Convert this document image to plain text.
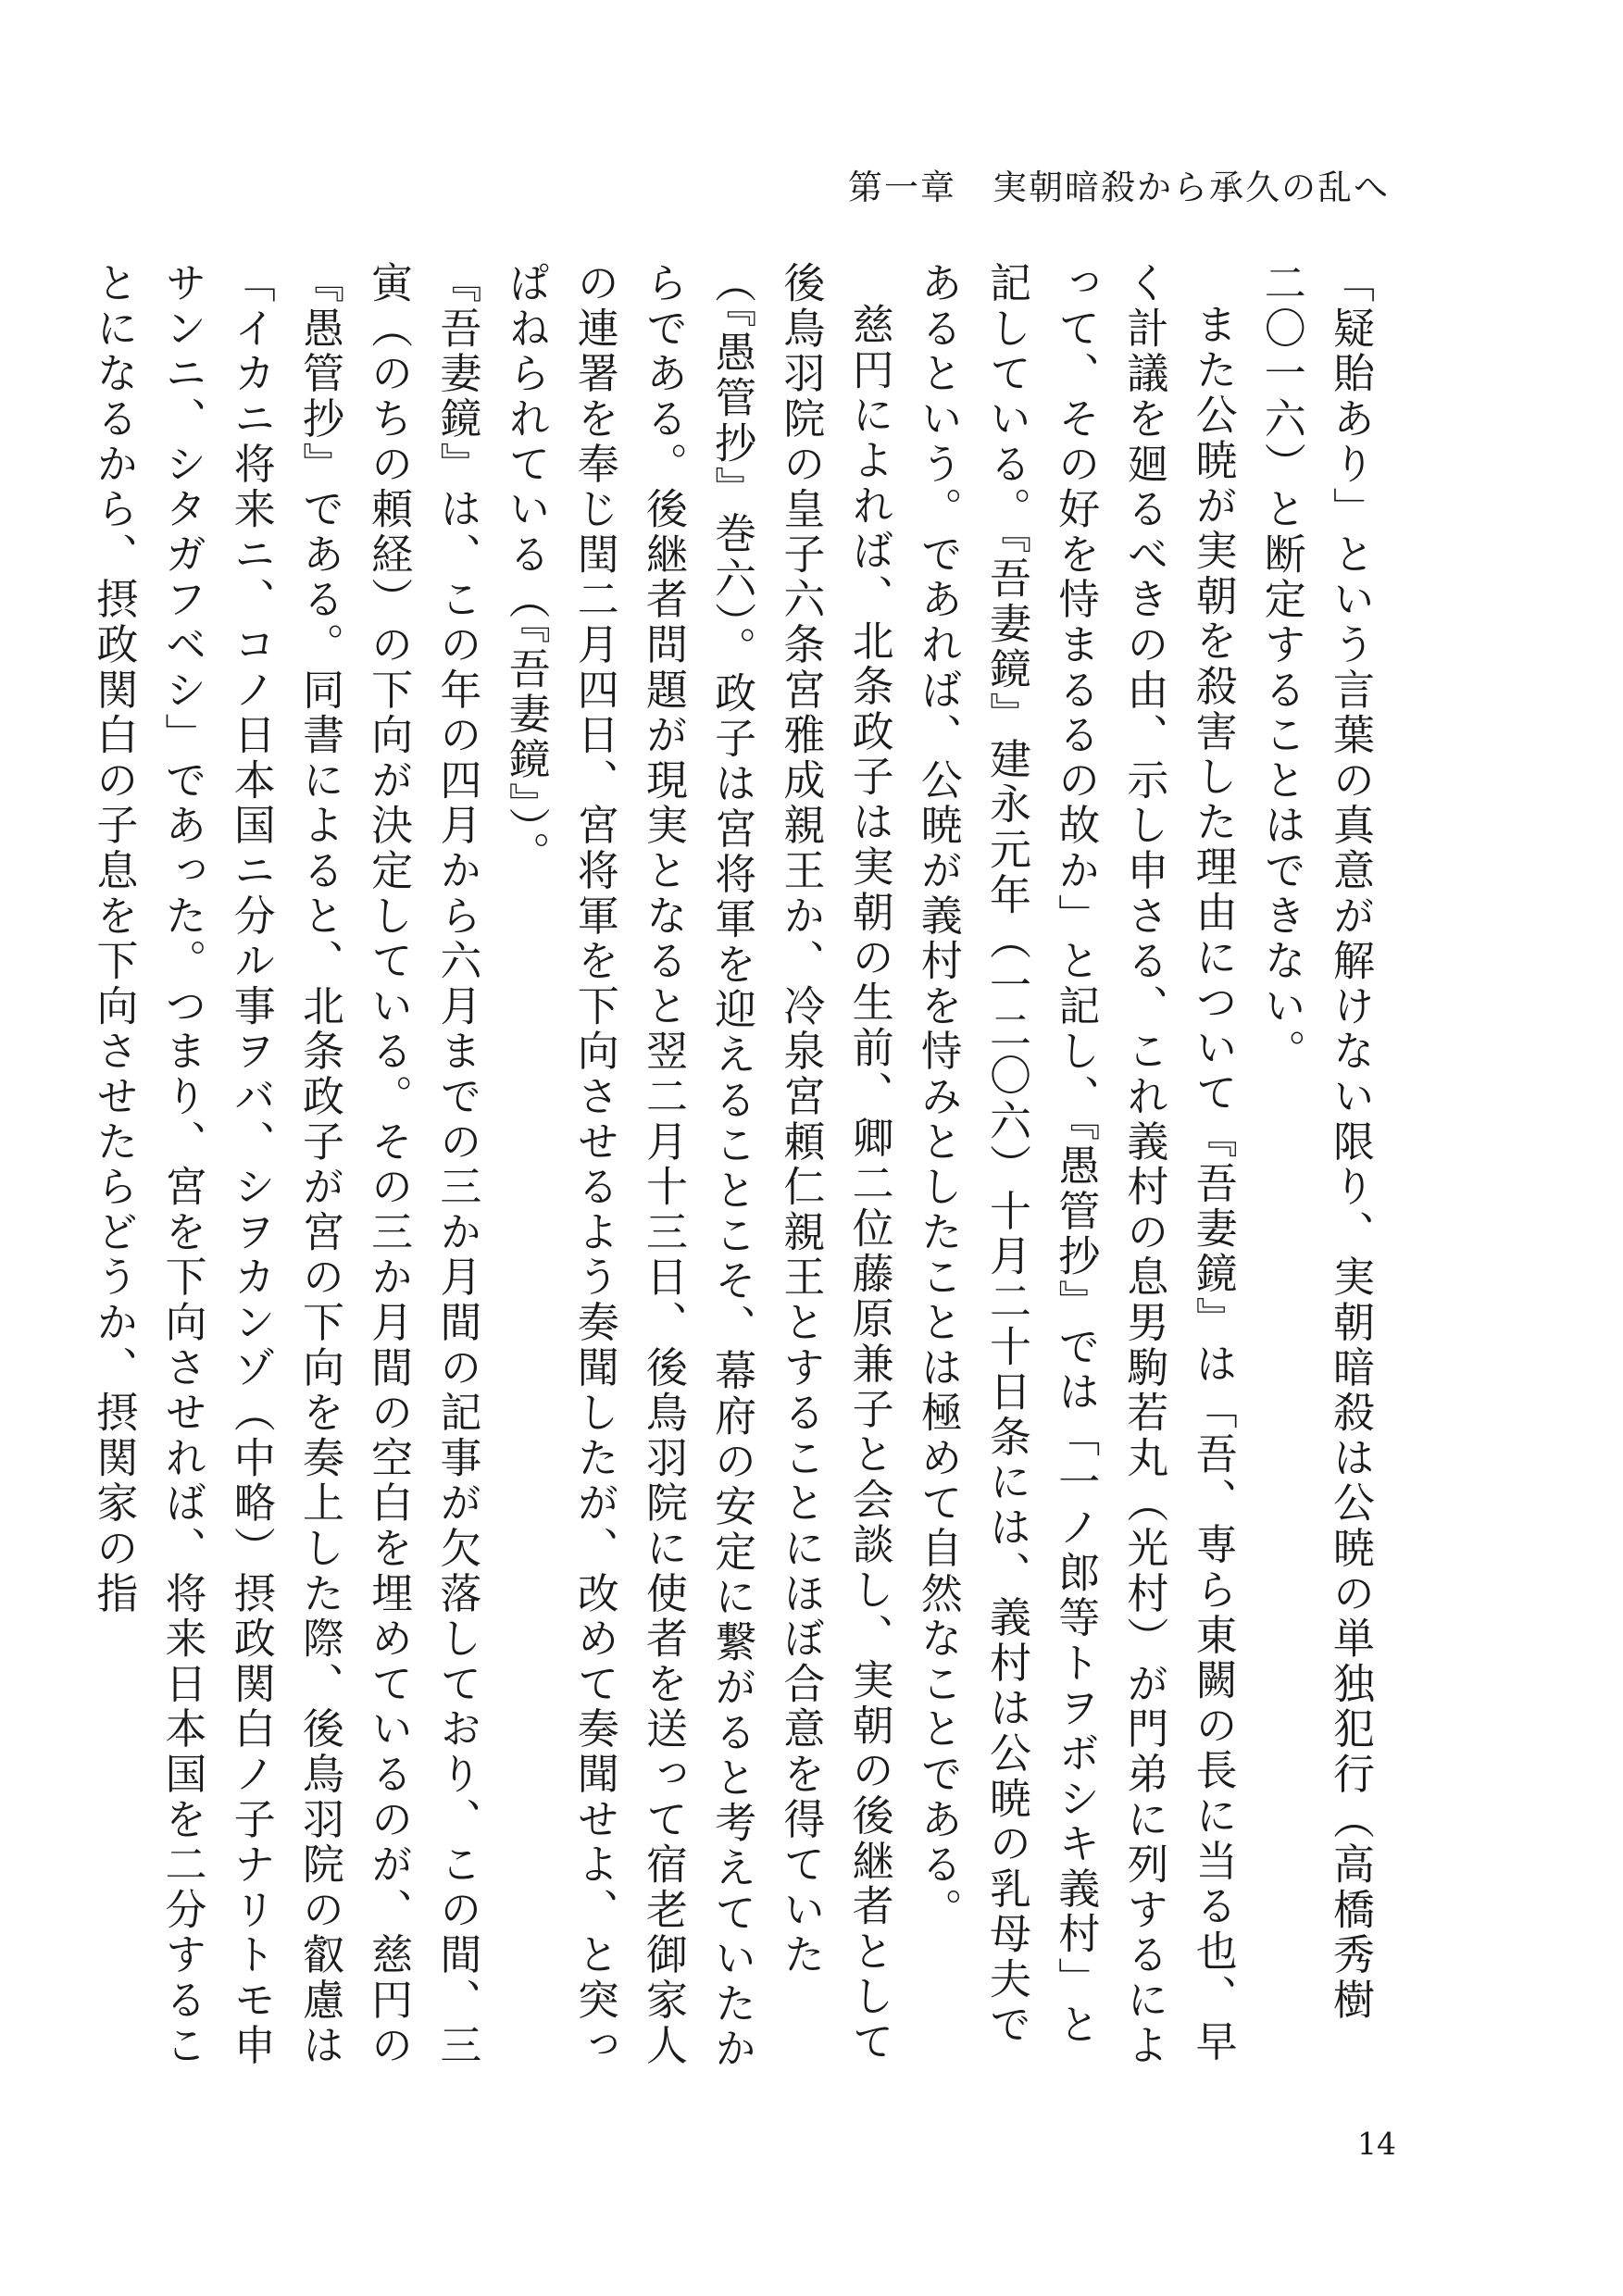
第一章　実朝暗殺から承久の乱へ

「疑貽あり」という言葉の真意が解けない限り、実朝暗殺は公暁の単独犯行（高橋秀樹　二〇一六）と断定することはできない。

また公暁が実朝を殺害した理由について『吾妻鏡』は「吾、専ら東闕の長に当る也、早く計議を廻るべきの由、示し申さる、これ義村の息男駒若丸（光村）が門弟に列するによって、その好を恃まるるの故か」と記し、『愚管抄』では「一ノ郎等トヲボシキ義村」と記している。『吾妻鏡』建永元年（一二〇六）十月二十日条には、義村は公暁の乳母夫であるという。であれば、公暁が義村を恃みとしたことは極めて自然なことである。

慈円によれば、北条政子は実朝の生前、卿二位藤原兼子と会談し、実朝の後継者として後鳥羽院の皇子六条宮雅成親王か、冷泉宮頼仁親王とすることにほぼ合意を得ていた（『愚管抄』巻六）。政子は宮将軍を迎えることこそ、幕府の安定に繋がると考えていたからである。後継者問題が現実となると翌二月十三日、後鳥羽院に使者を送って宿老御家人の連署を奉じ閏二月四日、宮将軍を下向させるよう奏聞したが、改めて奏聞せよ、と突っぱねられている（『吾妻鏡』）。

『吾妻鏡』は、この年の四月から六月までの三か月間の記事が欠落しており、この間、三寅（のちの頼経）の下向が決定している。その三か月間の空白を埋めているのが、慈円の『愚管抄』である。同書によると、北条政子が宮の下向を奏上した際、後鳥羽院の叡慮は「イカニ将来ニ、コノ日本国ニ分ル事ヲバ、シヲカンゾ（中略）摂政関白ノ子ナリトモ申サンニ、シタガフベシ」であった。つまり、宮を下向させれば、将来日本国を二分することになるから、摂政関白の子息を下向させたらどうか、摂関家の指

14
